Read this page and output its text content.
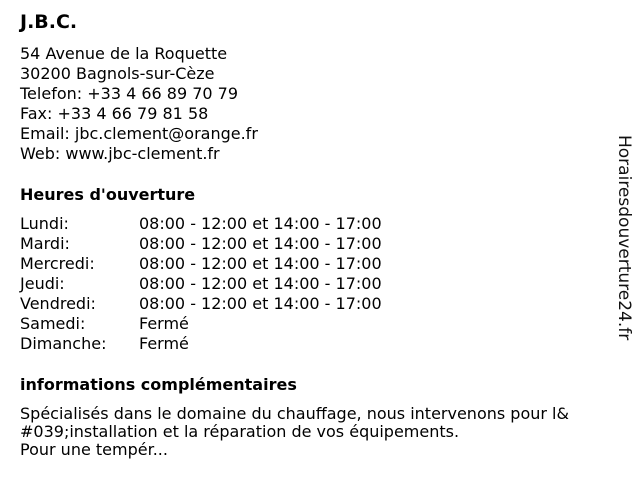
J.B.C.
54 Avenue de la Roquette
30200 Bagnols-sur-Cèze
Telefon: +33 4 66 89 70 79
Fax: +33 4 66 79 81 58
Email: jbc.clement@orange.fr
Web: www.jbc-clement.fr
Heures d'ouverture
Lundi:	08:00 - 12:00 et 14:00 - 17:00
Mardi:	08:00 - 12:00 et 14:00 - 17:00
Mercredi:	08:00 - 12:00 et 14:00 - 17:00
Jeudi:	08:00 - 12:00 et 14:00 - 17:00
Vendredi:	08:00 - 12:00 et 14:00 - 17:00
Samedi:	Fermé
Dimanche: Fermé
informations complémentaires
Spécialisés dans le domaine du chauffage, nous intervenons pour l&
#039;installation et la réparation de vos équipements.
Pour une tempér...
Horairesdouverture24.fr
